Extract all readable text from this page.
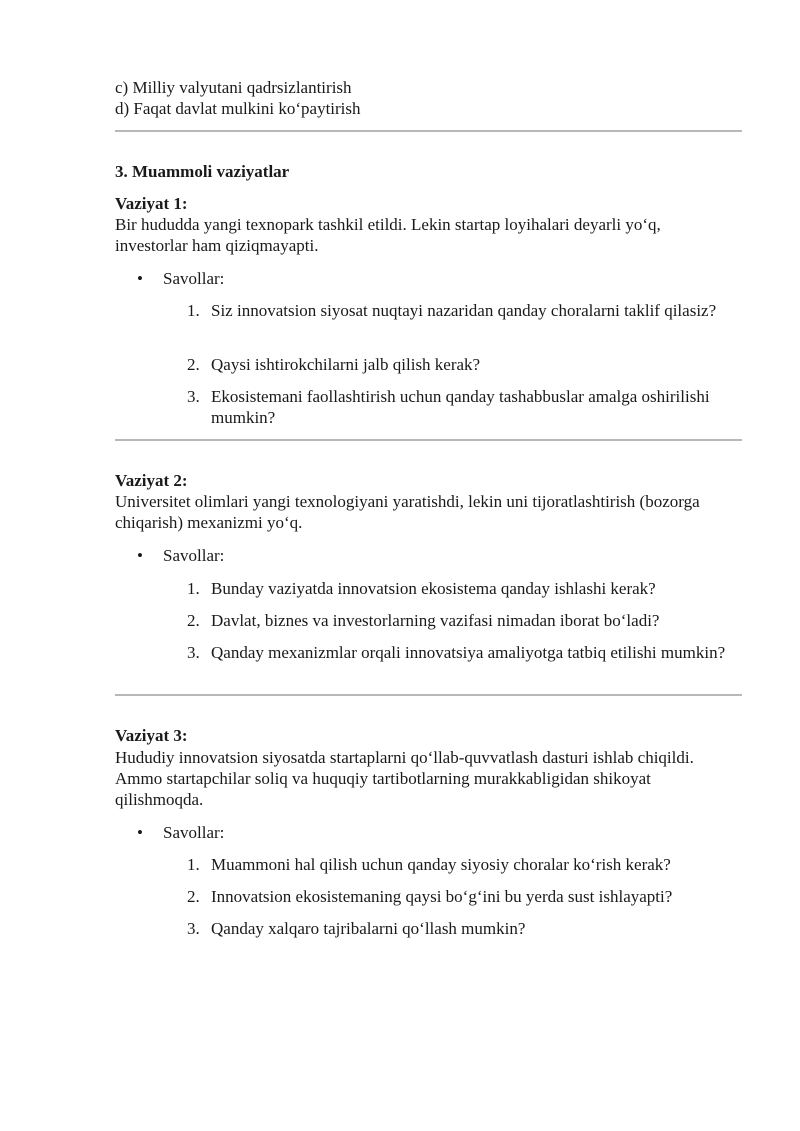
c) Milliy valyutani qadrsizlantirish
d) Faqat davlat mulkini ko‘paytirish
3. Muammoli vaziyatlar
Vaziyat 1:
Bir hududda yangi texnopark tashkil etildi. Lekin startap loyihalari deyarli yo‘q, investorlar ham qiziqmayapti.
• Savollar:
1. Siz innovatsion siyosat nuqtayi nazaridan qanday choralarni taklif qilasiz?
2. Qaysi ishtirokchilarni jalb qilish kerak?
3. Ekosistemani faollashtirish uchun qanday tashabbuslar amalga oshirilishi mumkin?
Vaziyat 2:
Universitet olimlari yangi texnologiyani yaratishdi, lekin uni tijoratlashtirish (bozorga chiqarish) mexanizmi yo‘q.
• Savollar:
1. Bunday vaziyatda innovatsion ekosistema qanday ishlashi kerak?
2. Davlat, biznes va investorlarning vazifasi nimadan iborat bo‘ladi?
3. Qanday mexanizmlar orqali innovatsiya amaliyotga tatbiq etilishi mumkin?
Vaziyat 3:
Hududiy innovatsion siyosatda startaplarni qo‘llab-quvvatlash dasturi ishlab chiqildi. Ammo startapchilar soliq va huquqiy tartibotlarning murakkabligidan shikoyat qilishmoqda.
• Savollar:
1. Muammoni hal qilish uchun qanday siyosiy choralar ko‘rish kerak?
2. Innovatsion ekosistemaning qaysi bo‘g‘ini bu yerda sust ishlayapti?
3. Qanday xalqaro tajribalarni qo‘llash mumkin?
